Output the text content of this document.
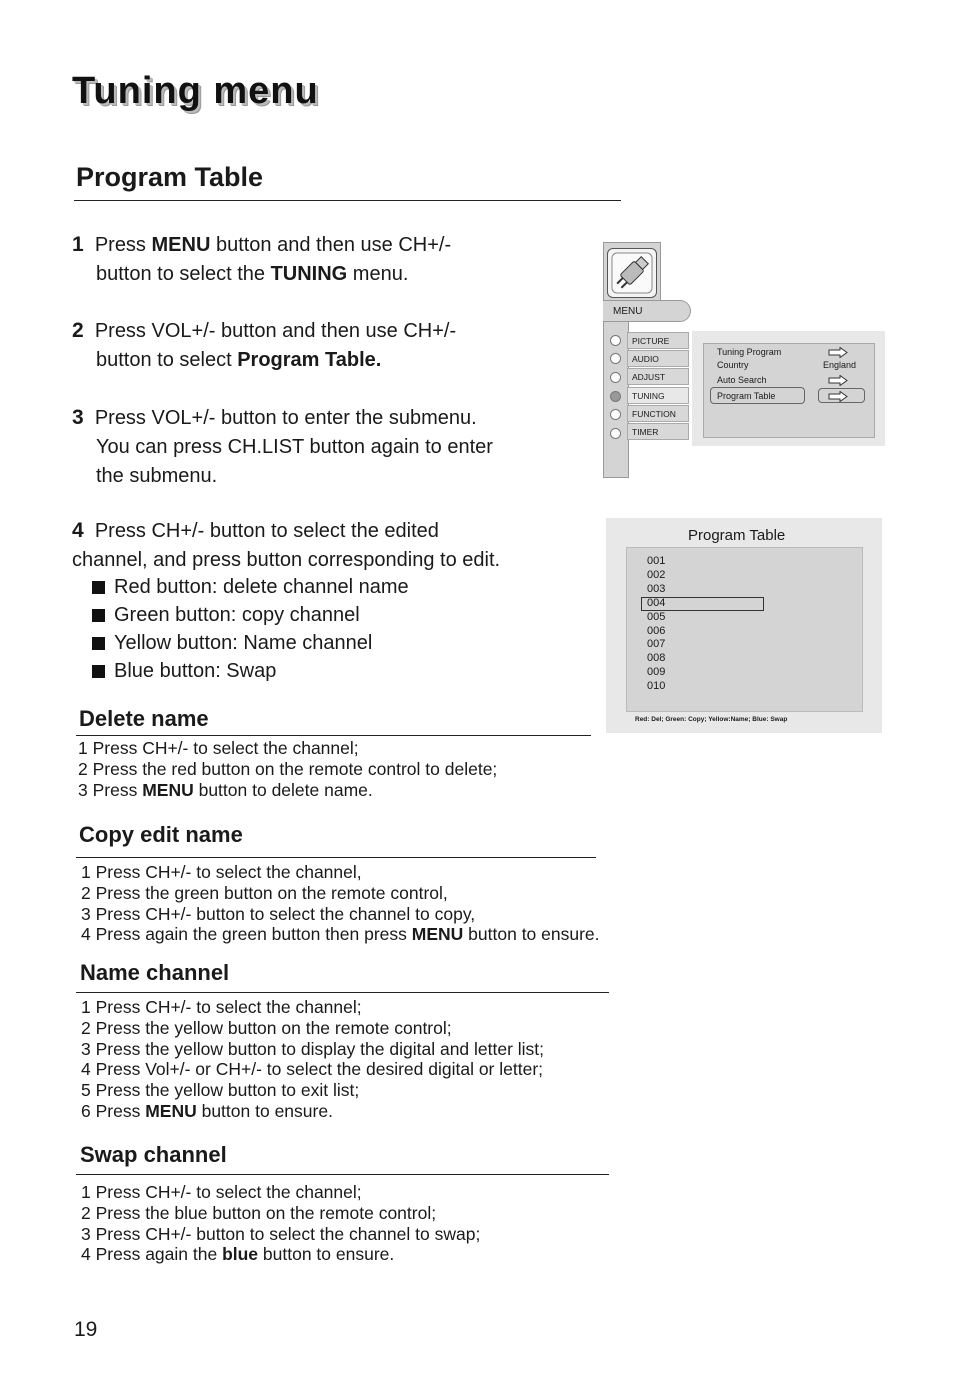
Tuning menu
Program Table
1 Press MENU button and then use CH+/-
button to select the TUNING menu.
2 Press VOL+/- button and then use CH+/-
button to select Program Table.
3 Press VOL+/- button to enter the submenu.
You can press CH.LIST button again to enter
the submenu.
4 Press CH+/- button to select the edited
channel, and press button corresponding to edit.
Red button: delete channel name
Green button: copy channel
Yellow button: Name channel
Blue button: Swap
Delete name
1 Press CH+/- to select the channel;
2 Press the red button on the remote control to delete;
3 Press MENU button to delete name.
Copy edit name
1 Press CH+/- to select the channel,
2 Press the green button on the remote control,
3 Press CH+/- button to select the channel to copy,
4 Press again the green button then press MENU button to ensure.
Name channel
1 Press CH+/- to select the channel;
2 Press the yellow button on the remote control;
3 Press the yellow button to display the digital and letter list;
4 Press Vol+/- or CH+/- to select the desired digital or letter;
5 Press the yellow button to exit list;
6 Press MENU button to ensure.
Swap channel
1 Press CH+/- to select the channel;
2 Press the blue button on the remote control;
3 Press CH+/- button to select the channel to swap;
4 Press again the blue button to ensure.
19
MENU
PICTURE
AUDIO
ADJUST
TUNING
FUNCTION
TIMER
Tuning Program
Country
Auto Search
Program Table
England
Program Table
001
002
003
004
005
006
007
008
009
010
Red: Del; Green: Copy; Yellow:Name; Blue: Swap
